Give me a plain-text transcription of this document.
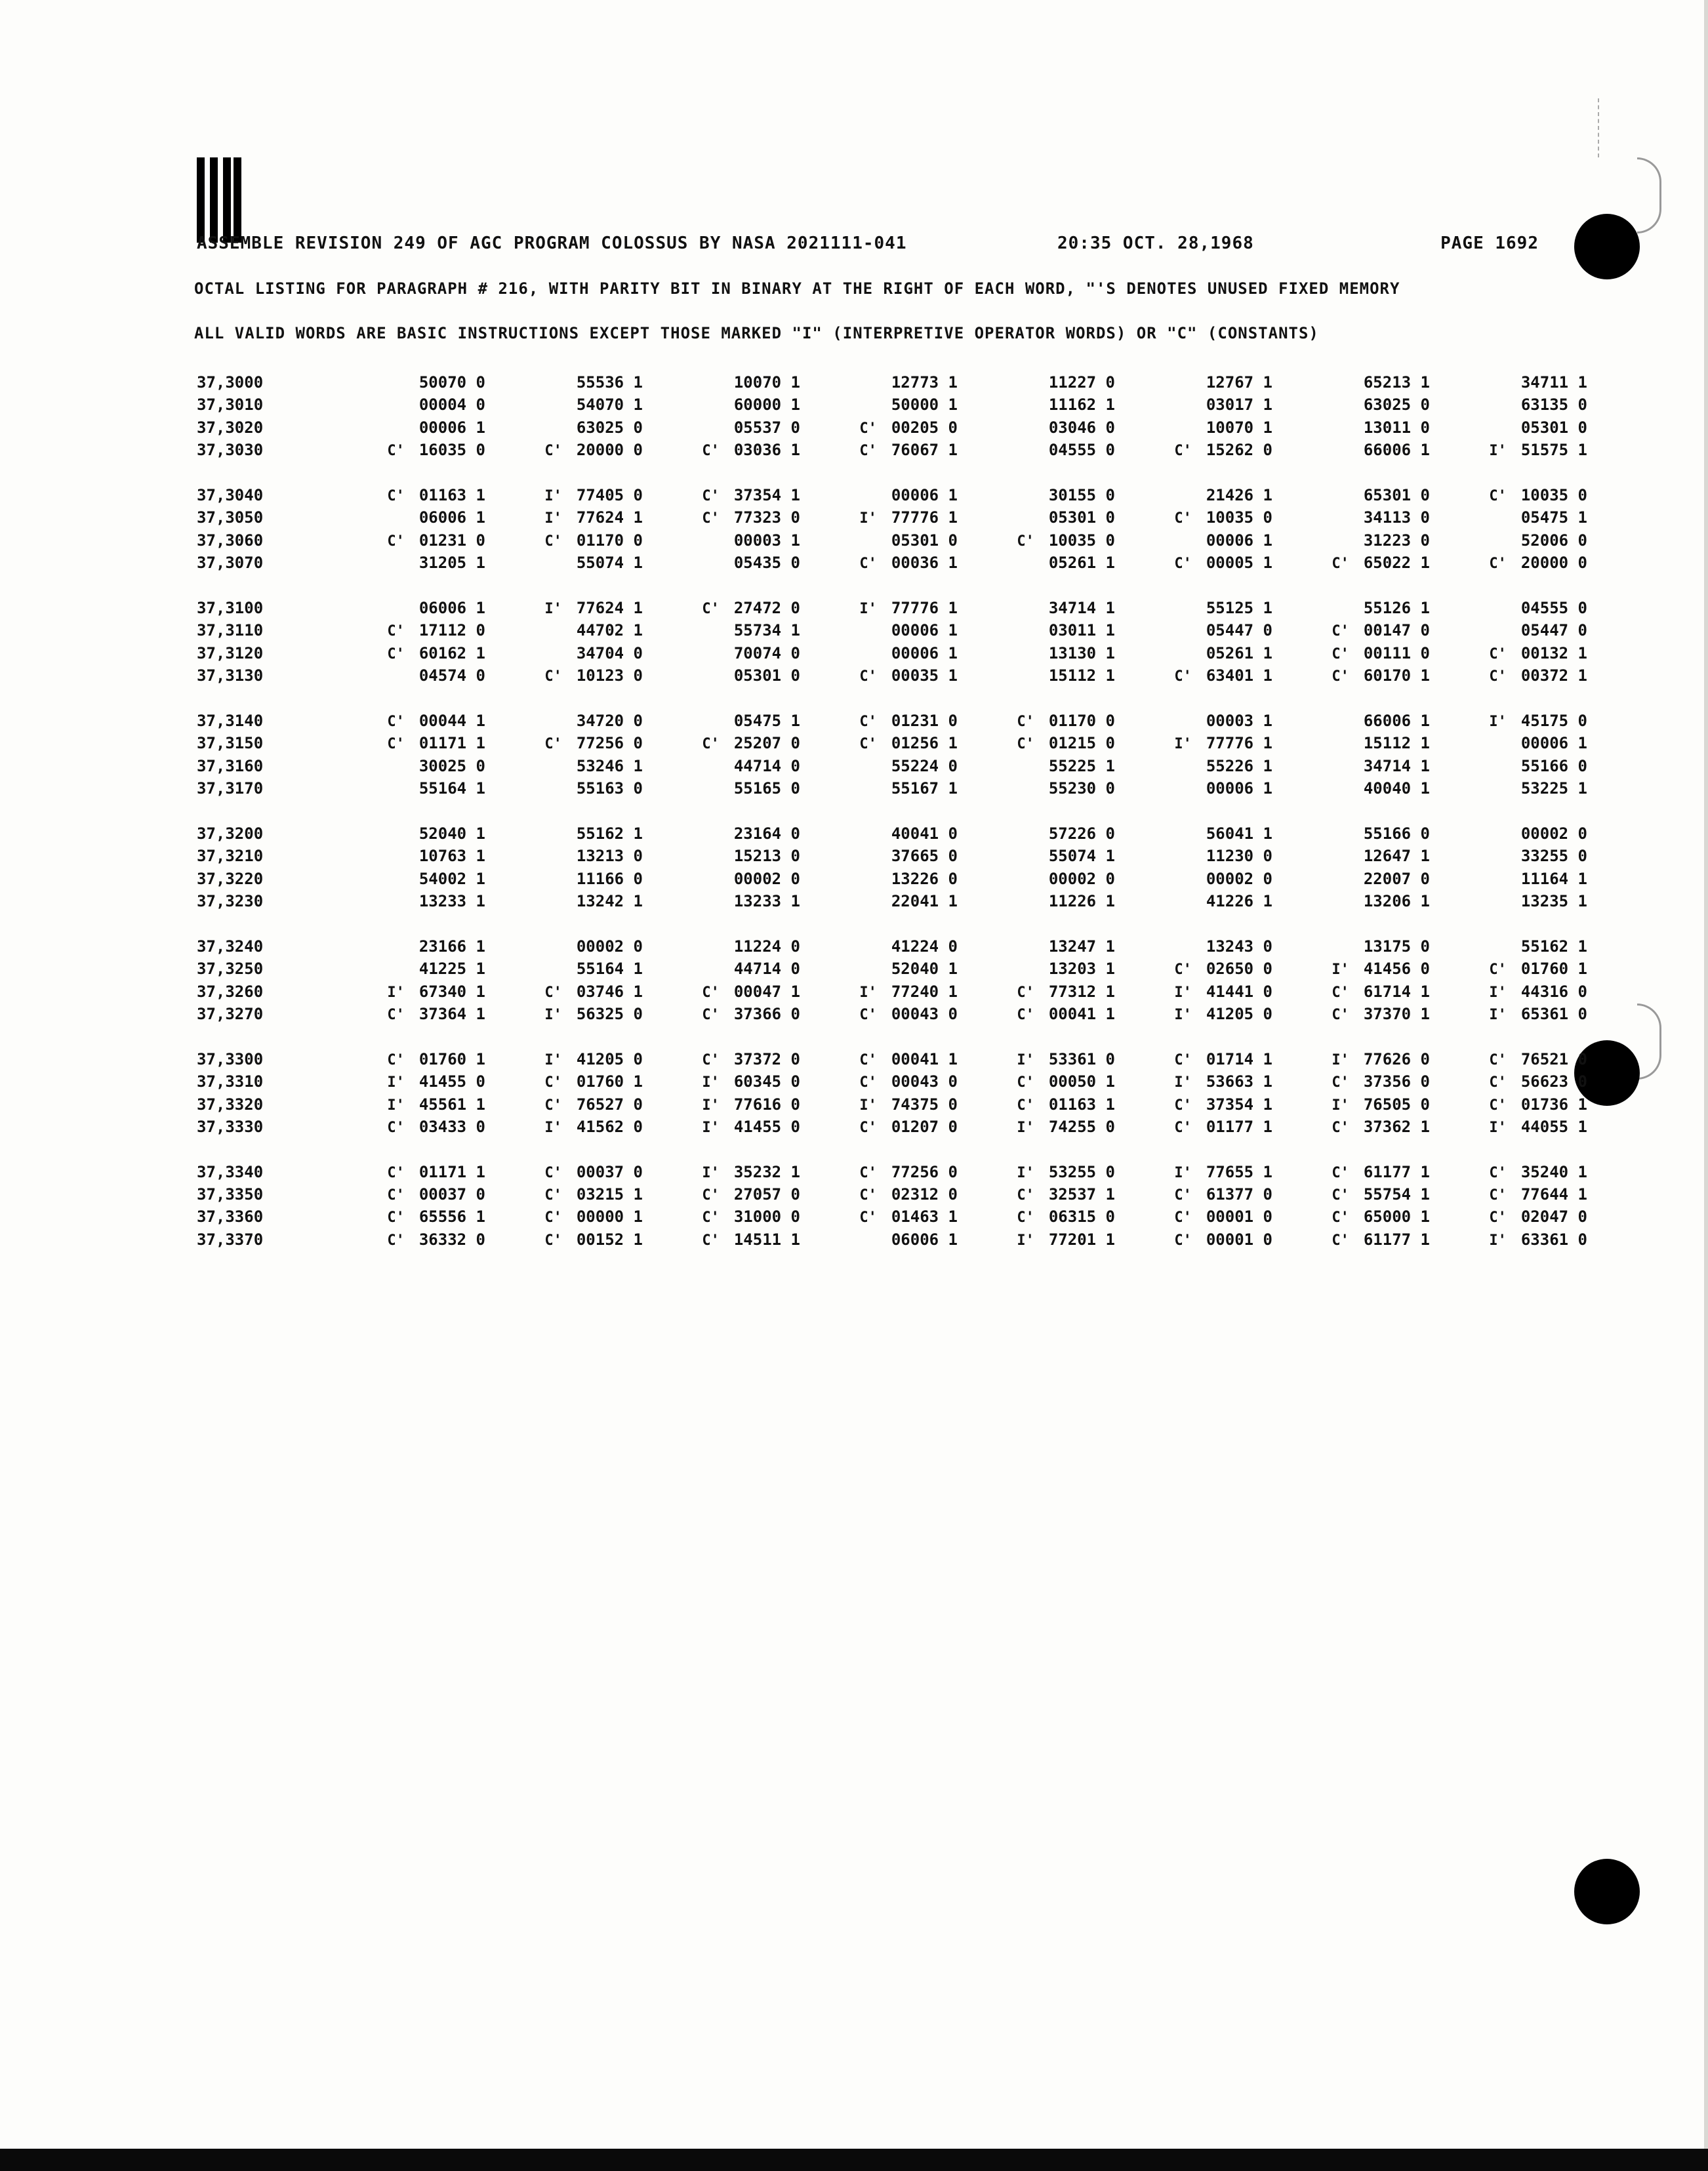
ASSEMBLE REVISION 249 OF AGC PROGRAM COLOSSUS BY NASA 2021111-041	20:35 OCT. 28,1968	PAGE 1692
OCTAL LISTING FOR PARAGRAPH # 216, WITH PARITY BIT IN BINARY AT THE RIGHT OF EACH WORD, "'S DENOTES UNUSED FIXED MEMORY
ALL VALID WORDS ARE BASIC INSTRUCTIONS EXCEPT THOSE MARKED "I" (INTERPRETIVE OPERATOR WORDS) OR "C" (CONSTANTS)
37,3000	50070 0	55536 1	10070 1	12773 1	11227 0	12767 1	65213 1	34711 1
37,3010	00004 0	54070 1	60000 1	50000 1	11162 1	03017 1	63025 0	63135 0
37,3020	00006 1	63025 0	05537 0	C' 00205 0	03046 0	10070 1	13011 0	05301 0
37,3030	C' 16035 0	C' 20000 0	C' 03036 1	C' 76067 1	04555 0	C' 15262 0	66006 1	I' 51575 1
37,3040	C' 01163 1	I' 77405 0	C' 37354 1	00006 1	30155 0	21426 1	65301 0	C' 10035 0
37,3050	06006 1	I' 77624 1	C' 77323 0	I' 77776 1	05301 0	C' 10035 0	34113 0	05475 1
37,3060	C' 01231 0	C' 01170 0	00003 1	05301 0	C' 10035 0	00006 1	31223 0	52006 0
37,3070	31205 1	55074 1	05435 0	C' 00036 1	05261 1	C' 00005 1	C' 65022 1	C' 20000 0
37,3100	06006 1	I' 77624 1	C' 27472 0	I' 77776 1	34714 1	55125 1	55126 1	04555 0
37,3110	C' 17112 0	44702 1	55734 1	00006 1	03011 1	05447 0	C' 00147 0	05447 0
37,3120	C' 60162 1	34704 0	70074 0	00006 1	13130 1	05261 1	C' 00111 0	C' 00132 1
37,3130	04574 0	C' 10123 0	05301 0	C' 00035 1	15112 1	C' 63401 1	C' 60170 1	C' 00372 1
37,3140	C' 00044 1	34720 0	05475 1	C' 01231 0	C' 01170 0	00003 1	66006 1	I' 45175 0
37,3150	C' 01171 1	C' 77256 0	C' 25207 0	C' 01256 1	C' 01215 0	I' 77776 1	15112 1	00006 1
37,3160	30025 0	53246 1	44714 0	55224 0	55225 1	55226 1	34714 1	55166 0
37,3170	55164 1	55163 0	55165 0	55167 1	55230 0	00006 1	40040 1	53225 1
37,3200	52040 1	55162 1	23164 0	40041 0	57226 0	56041 1	55166 0	00002 0
37,3210	10763 1	13213 0	15213 0	37665 0	55074 1	11230 0	12647 1	33255 0
37,3220	54002 1	11166 0	00002 0	13226 0	00002 0	00002 0	22007 0	11164 1
37,3230	13233 1	13242 1	13233 1	22041 1	11226 1	41226 1	13206 1	13235 1
37,3240	23166 1	00002 0	11224 0	41224 0	13247 1	13243 0	13175 0	55162 1
37,3250	41225 1	55164 1	44714 0	52040 1	13203 1	C' 02650 0	I' 41456 0	C' 01760 1
37,3260	I' 67340 1	C' 03746 1	C' 00047 1	I' 77240 1	C' 77312 1	I' 41441 0	C' 61714 1	I' 44316 0
37,3270	C' 37364 1	I' 56325 0	C' 37366 0	C' 00043 0	C' 00041 1	I' 41205 0	C' 37370 1	I' 65361 0
37,3300	C' 01760 1	I' 41205 0	C' 37372 0	C' 00041 1	I' 53361 0	C' 01714 1	I' 77626 0	C' 76521 0
37,3310	I' 41455 0	C' 01760 1	I' 60345 0	C' 00043 0	C' 00050 1	I' 53663 1	C' 37356 0	C' 56623 0
37,3320	I' 45561 1	C' 76527 0	I' 77616 0	I' 74375 0	C' 01163 1	C' 37354 1	I' 76505 0	C' 01736 1
37,3330	C' 03433 0	I' 41562 0	I' 41455 0	C' 01207 0	I' 74255 0	C' 01177 1	C' 37362 1	I' 44055 1
37,3340	C' 01171 1	C' 00037 0	I' 35232 1	C' 77256 0	I' 53255 0	I' 77655 1	C' 61177 1	C' 35240 1
37,3350	C' 00037 0	C' 03215 1	C' 27057 0	C' 02312 0	C' 32537 1	C' 61377 0	C' 55754 1	C' 77644 1
37,3360	C' 65556 1	C' 00000 1	C' 31000 0	C' 01463 1	C' 06315 0	C' 00001 0	C' 65000 1	C' 02047 0
37,3370	C' 36332 0	C' 00152 1	C' 14511 1	06006 1	I' 77201 1	C' 00001 0	C' 61177 1	I' 63361 0
